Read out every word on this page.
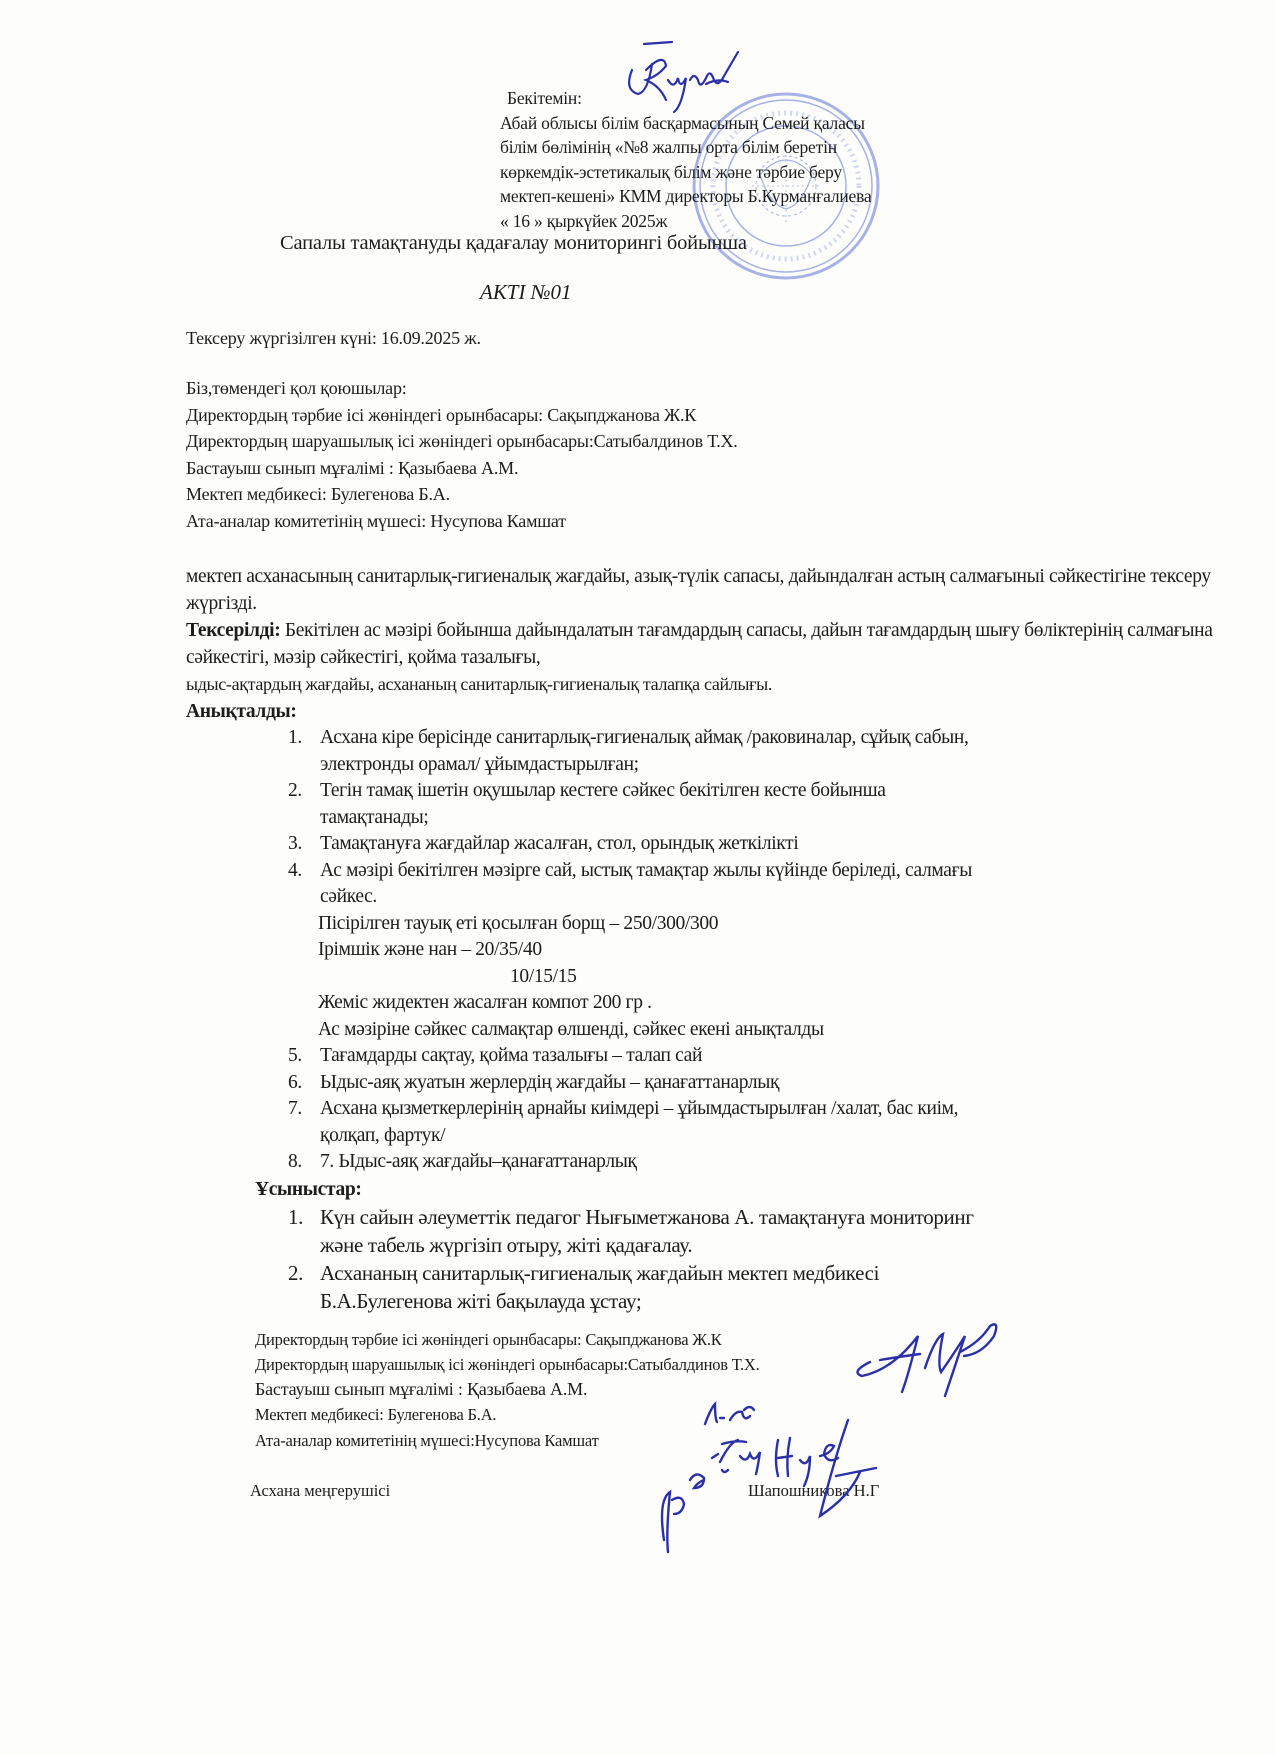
Бекітемін:
Абай облысы білім басқармасының Семей қаласы
білім бөлімінің «№8 жалпы орта білім беретін
көркемдік-эстетикалық білім және тәрбие беру
мектеп-кешені» КММ директоры Б.Курманғалиева
« 16 » қыркүйек 2025ж
Сапалы тамақтануды қадағалау мониторингі бойынша
АКТІ №01
Тексеру жүргізілген күні: 16.09.2025 ж.
Біз,төмендегі қол қоюшылар:
Директордың тәрбие ісі жөніндегі орынбасары: Сақыпджанова Ж.К
Директордың шаруашылық ісі жөніндегі орынбасары:Сатыбалдинов Т.Х.
Бастауыш сынып мұғалімі : Қазыбаева А.М.
Мектеп медбикесі: Булегенова Б.А.
Ата-аналар комитетінің мүшесі: Нусупова Камшат

мектеп асханасының санитарлық-гигиеналық жағдайы, азық-түлік сапасы, дайындалған астың салмағыныі сәйкестігіне тексеру жүргізді.

Тексерілді: Бекітілен ас мәзірі бойынша дайындалатын тағамдардың сапасы, дайын тағамдардың шығу бөліктерінің салмағына сәйкестігі, мәзір сәйкестігі, қойма тазалығы,

ыдыс-ақтардың жағдайы, асхананың санитарлық-гигиеналық талапқа сайлығы.

Анықталды:

1. Асхана кіре берісінде санитарлық-гигиеналық аймақ /раковиналар, сұйық сабын,
электронды орамал/ ұйымдастырылған;
2. Тегін тамақ ішетін оқушылар кестеге сәйкес бекітілген кесте бойынша
тамақтанады;
3. Тамақтануға жағдайлар жасалған, стол, орындық жеткілікті
4. Ас мәзірі бекітілген мәзірге сай, ыстық тамақтар жылы күйінде беріледі, салмағы
сәйкес.
Пісірілген тауық еті қосылған борщ – 250/300/300
Ірімшік және нан – 20/35/40
10/15/15
Жеміс жидектен жасалған компот 200 гр .
Ас мәзіріне сәйкес салмақтар өлшенді, сәйкес екені анықталды
5. Тағамдарды сақтау, қойма тазалығы – талап сай
6. Ыдыс-аяқ жуатын жерлердің жағдайы – қанағаттанарлық
7. Асхана қызметкерлерінің арнайы киімдері – ұйымдастырылған /халат, бас киім,
қолқап, фартук/
8. 7. Ыдыс-аяқ жағдайы–қанағаттанарлық

Ұсыныстар:

1. Күн сайын әлеуметтік педагог Нығыметжанова А. тамақтануға мониторинг
және табель жүргізіп отыру, жіті қадағалау.
2. Асхананың санитарлық-гигиеналық жағдайын мектеп медбикесі
Б.А.Булегенова жіті бақылауда ұстау;
Директордың тәрбие ісі жөніндегі орынбасары: Сақыпджанова Ж.К
Директордың шаруашылық ісі жөніндегі орынбасары:Сатыбалдинов Т.Х.
Бастауыш сынып мұғалімі : Қазыбаева А.М.
Мектеп медбикесі: Булегенова Б.А.
Ата-аналар комитетінің мүшесі:Нусупова Камшат
Асхана меңгерушісі	Шапошникова Н.Г
